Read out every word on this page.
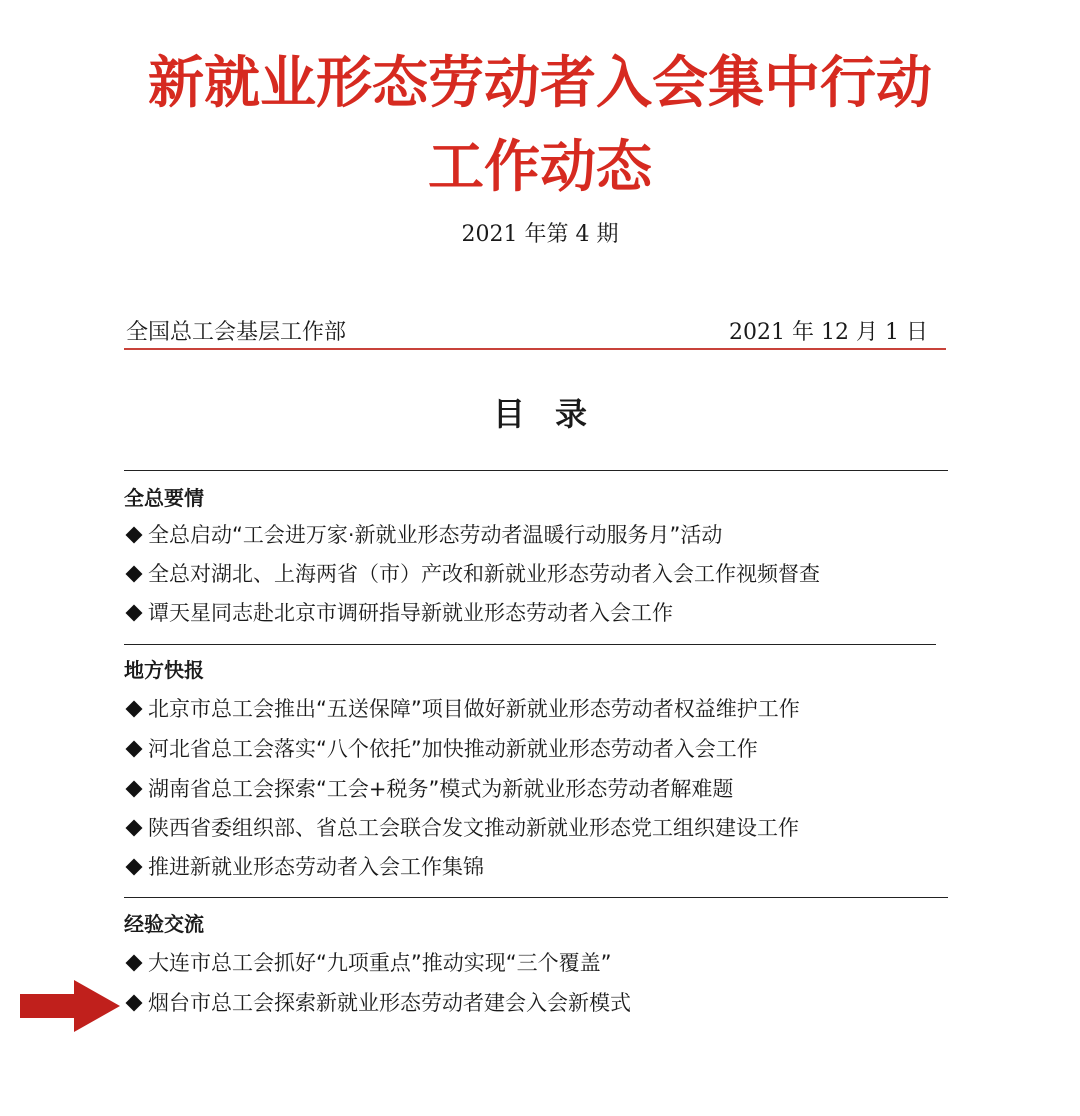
新就业形态劳动者入会集中行动
工作动态
2021 年第 4 期
全国总工会基层工作部	2021 年 12 月 1 日
目录
全总要情
全总启动“工会进万家·新就业形态劳动者温暖行动服务月”活动
全总对湖北、上海两省（市）产改和新就业形态劳动者入会工作视频督查
谭天星同志赴北京市调研指导新就业形态劳动者入会工作
地方快报
北京市总工会推出“五送保障”项目做好新就业形态劳动者权益维护工作
河北省总工会落实“八个依托”加快推动新就业形态劳动者入会工作
湖南省总工会探索“工会+税务”模式为新就业形态劳动者解难题
陕西省委组织部、省总工会联合发文推动新就业形态党工组织建设工作
推进新就业形态劳动者入会工作集锦
经验交流
大连市总工会抓好“九项重点”推动实现“三个覆盖”
烟台市总工会探索新就业形态劳动者建会入会新模式
